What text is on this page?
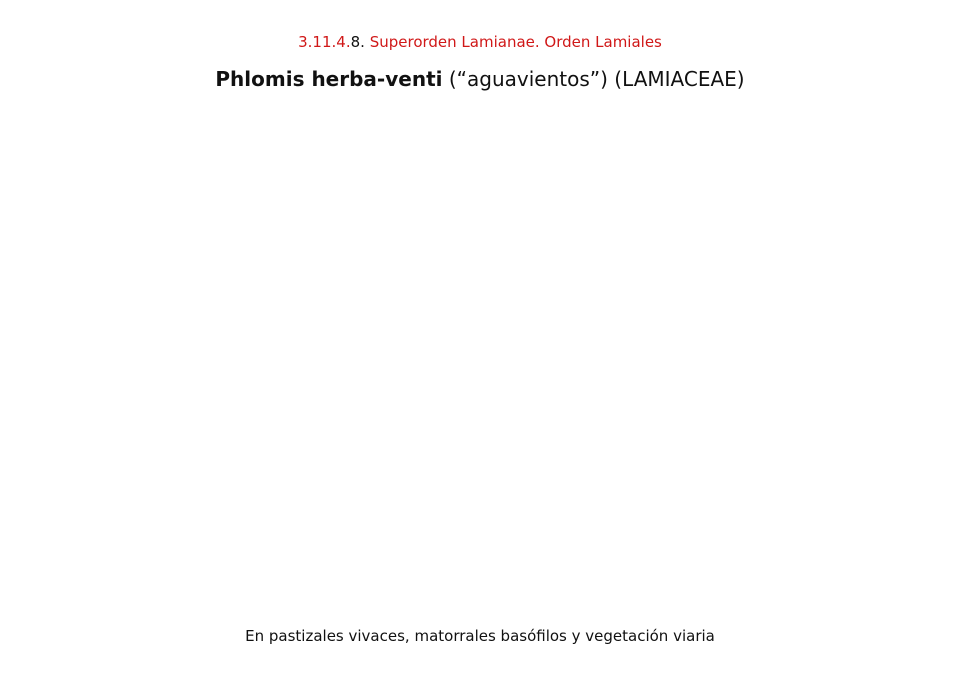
3.11.4.8. Superorden Lamianae. Orden Lamiales
Phlomis herba-venti (“aguavientos”) (LAMIACEAE)
En pastizales vivaces, matorrales basófilos y vegetación viaria
